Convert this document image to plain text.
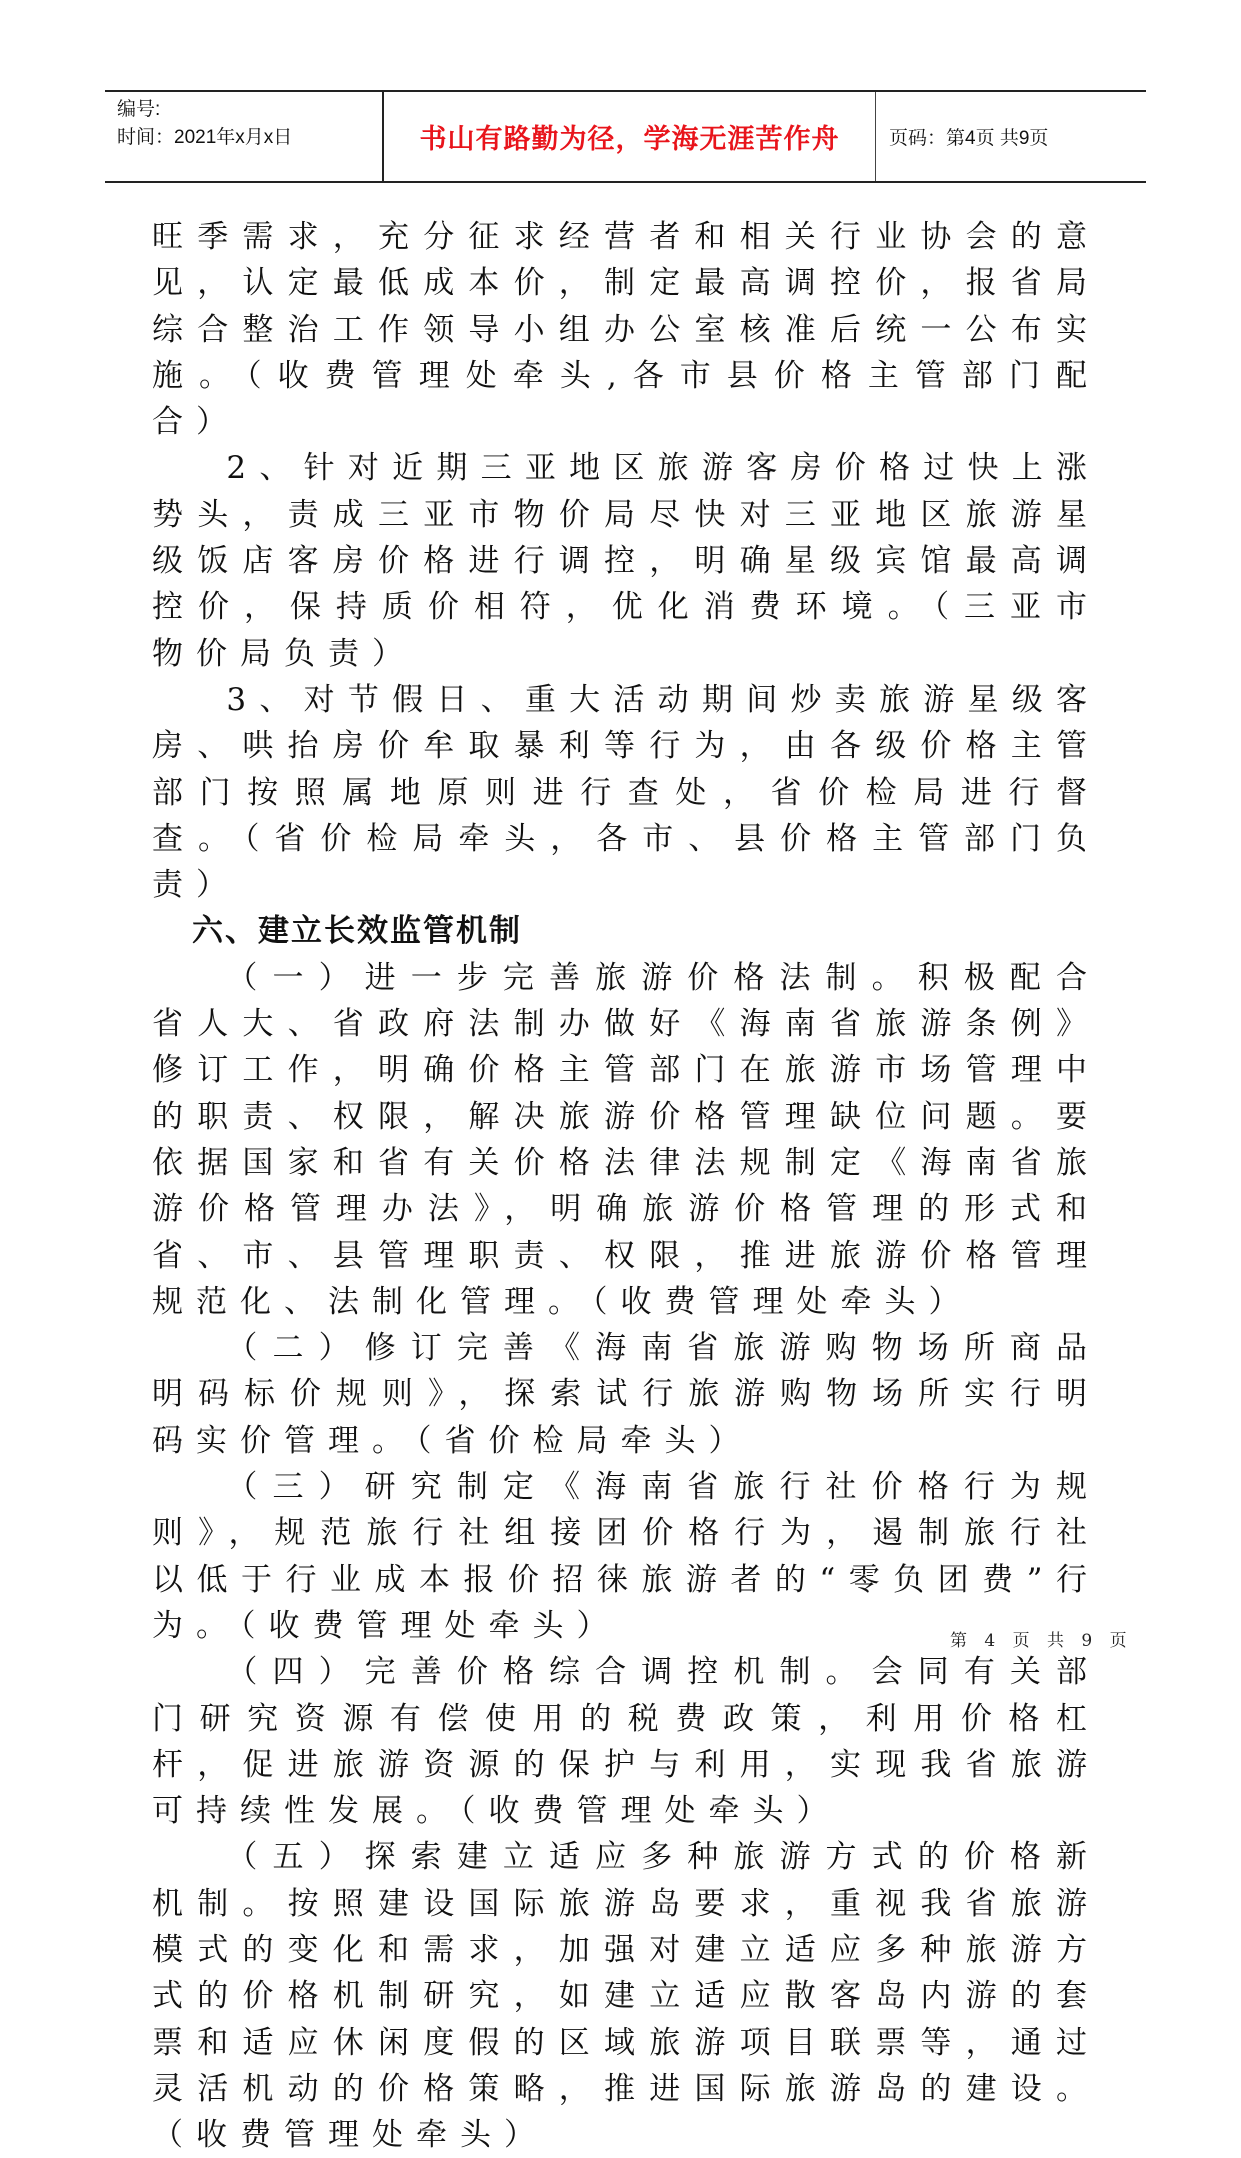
编号:
时间：2021年x月x日	书山有路勤为径，学海无涯苦作舟	页码：第4页 共9页

旺季需求，充分征求经营者和相关行业协会的意见，认定最低成本价，制定最高调控价，报省局综合整治工作领导小组办公室核准后统一公布实施。（收费管理处牵头,各市县价格主管部门配合）

2、针对近期三亚地区旅游客房价格过快上涨势头，责成三亚市物价局尽快对三亚地区旅游星级饭店客房价格进行调控，明确星级宾馆最高调控价，保持质价相符，优化消费环境。（三亚市物价局负责）

3、对节假日、重大活动期间炒卖旅游星级客房、哄抬房价牟取暴利等行为，由各级价格主管部门按照属地原则进行查处，省价检局进行督查。（省价检局牵头，各市、县价格主管部门负责）

六、建立长效监管机制

（一）进一步完善旅游价格法制。积极配合省人大、省政府法制办做好《海南省旅游条例》修订工作，明确价格主管部门在旅游市场管理中的职责、权限，解决旅游价格管理缺位问题。要依据国家和省有关价格法律法规制定《海南省旅游价格管理办法》，明确旅游价格管理的形式和省、市、县管理职责、权限，推进旅游价格管理规范化、法制化管理。（收费管理处牵头）

（二）修订完善《海南省旅游购物场所商品明码标价规则》，探索试行旅游购物场所实行明码实价管理。（省价检局牵头）

（三）研究制定《海南省旅行社价格行为规则》，规范旅行社组接团价格行为，遏制旅行社以低于行业成本报价招徕旅游者的“零负团费”行为。（收费管理处牵头）

（四）完善价格综合调控机制。会同有关部门研究资源有偿使用的税费政策，利用价格杠杆，促进旅游资源的保护与利用，实现我省旅游可持续性发展。（收费管理处牵头）

（五）探索建立适应多种旅游方式的价格新机制。按照建设国际旅游岛要求，重视我省旅游模式的变化和需求，加强对建立适应多种旅游方式的价格机制研究，如建立适应散客岛内游的套票和适应休闲度假的区域旅游项目联票等，通过灵活机动的价格策略，推进国际旅游岛的建设。（收费管理处牵头）

第 4 页 共 9 页
